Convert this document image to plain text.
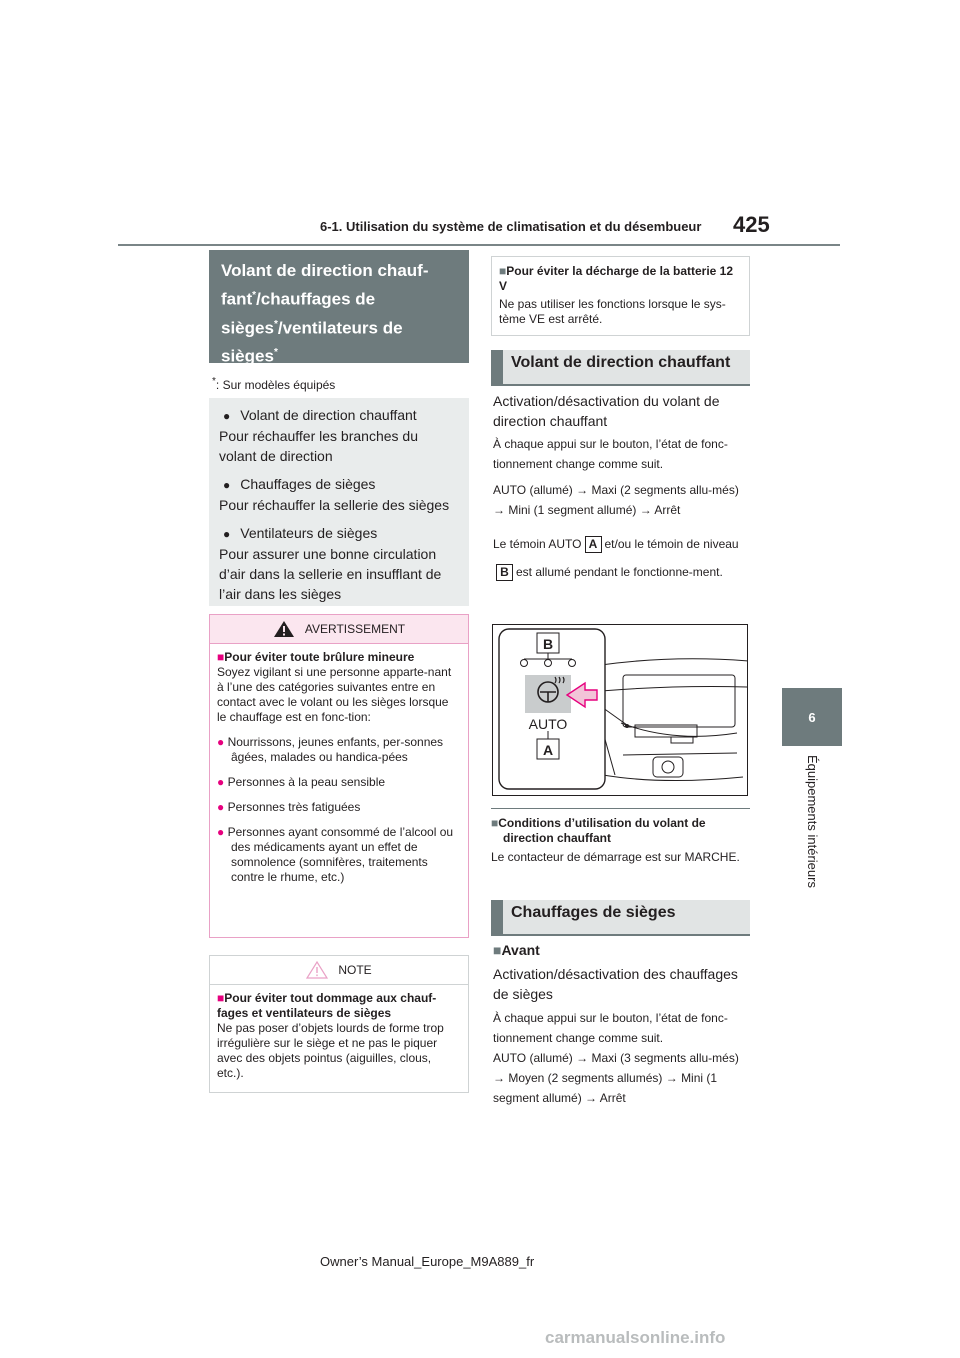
6-1. Utilisation du système de climatisation et du désembueur 425
6
Équipements intérieurs
Volant de direction chauf-
fant*/chauffages de
sièges*/ventilateurs de
sièges*
*: Sur modèles équipés
● Volant de direction chauffant
Pour réchauffer les branches du volant de direction
● Chauffages de sièges
Pour réchauffer la sellerie des sièges
● Ventilateurs de sièges
Pour assurer une bonne circulation d’air dans la sellerie en insufflant de l’air dans les sièges
AVERTISSEMENT
■Pour éviter toute brûlure mineure
Soyez vigilant si une personne apparte-nant à l’une des catégories suivantes entre en contact avec le volant ou les sièges lorsque le chauffage est en fonc-tion:
● Nourrissons, jeunes enfants, per-sonnes âgées, malades ou handica-pées
● Personnes à la peau sensible
● Personnes très fatiguées
● Personnes ayant consommé de l’alcool ou des médicaments ayant un effet de somnolence (somnifères, traitements contre le rhume, etc.)
NOTE
■Pour éviter tout dommage aux chauf-fages et ventilateurs de sièges
Ne pas poser d’objets lourds de forme trop irrégulière sur le siège et ne pas le piquer avec des objets pointus (aiguilles, clous, etc.).
■Pour éviter la décharge de la batterie 12 V
Ne pas utiliser les fonctions lorsque le sys-tème VE est arrêté.
Volant de direction chauffant
Activation/désactivation du volant de direction chauffant
À chaque appui sur le bouton, l’état de fonc-tionnement change comme suit.
AUTO (allumé) → Maxi (2 segments allu-més) → Mini (1 segment allumé) → Arrêt
Le témoin AUTO A et/ou le témoin de niveauB est allumé pendant le fonctionne-ment.
B
AUTO
A
■Conditions d’utilisation du volant de direction chauffant
Le contacteur de démarrage est sur MARCHE.
Chauffages de sièges
■Avant
Activation/désactivation des chauffages de sièges
À chaque appui sur le bouton, l’état de fonc-tionnement change comme suit.
AUTO (allumé) → Maxi (3 segments allu-més) → Moyen (2 segments allumés) → Mini (1 segment allumé) → Arrêt
Owner’s Manual_Europe_M9A889_fr
carmanualsonline.info
